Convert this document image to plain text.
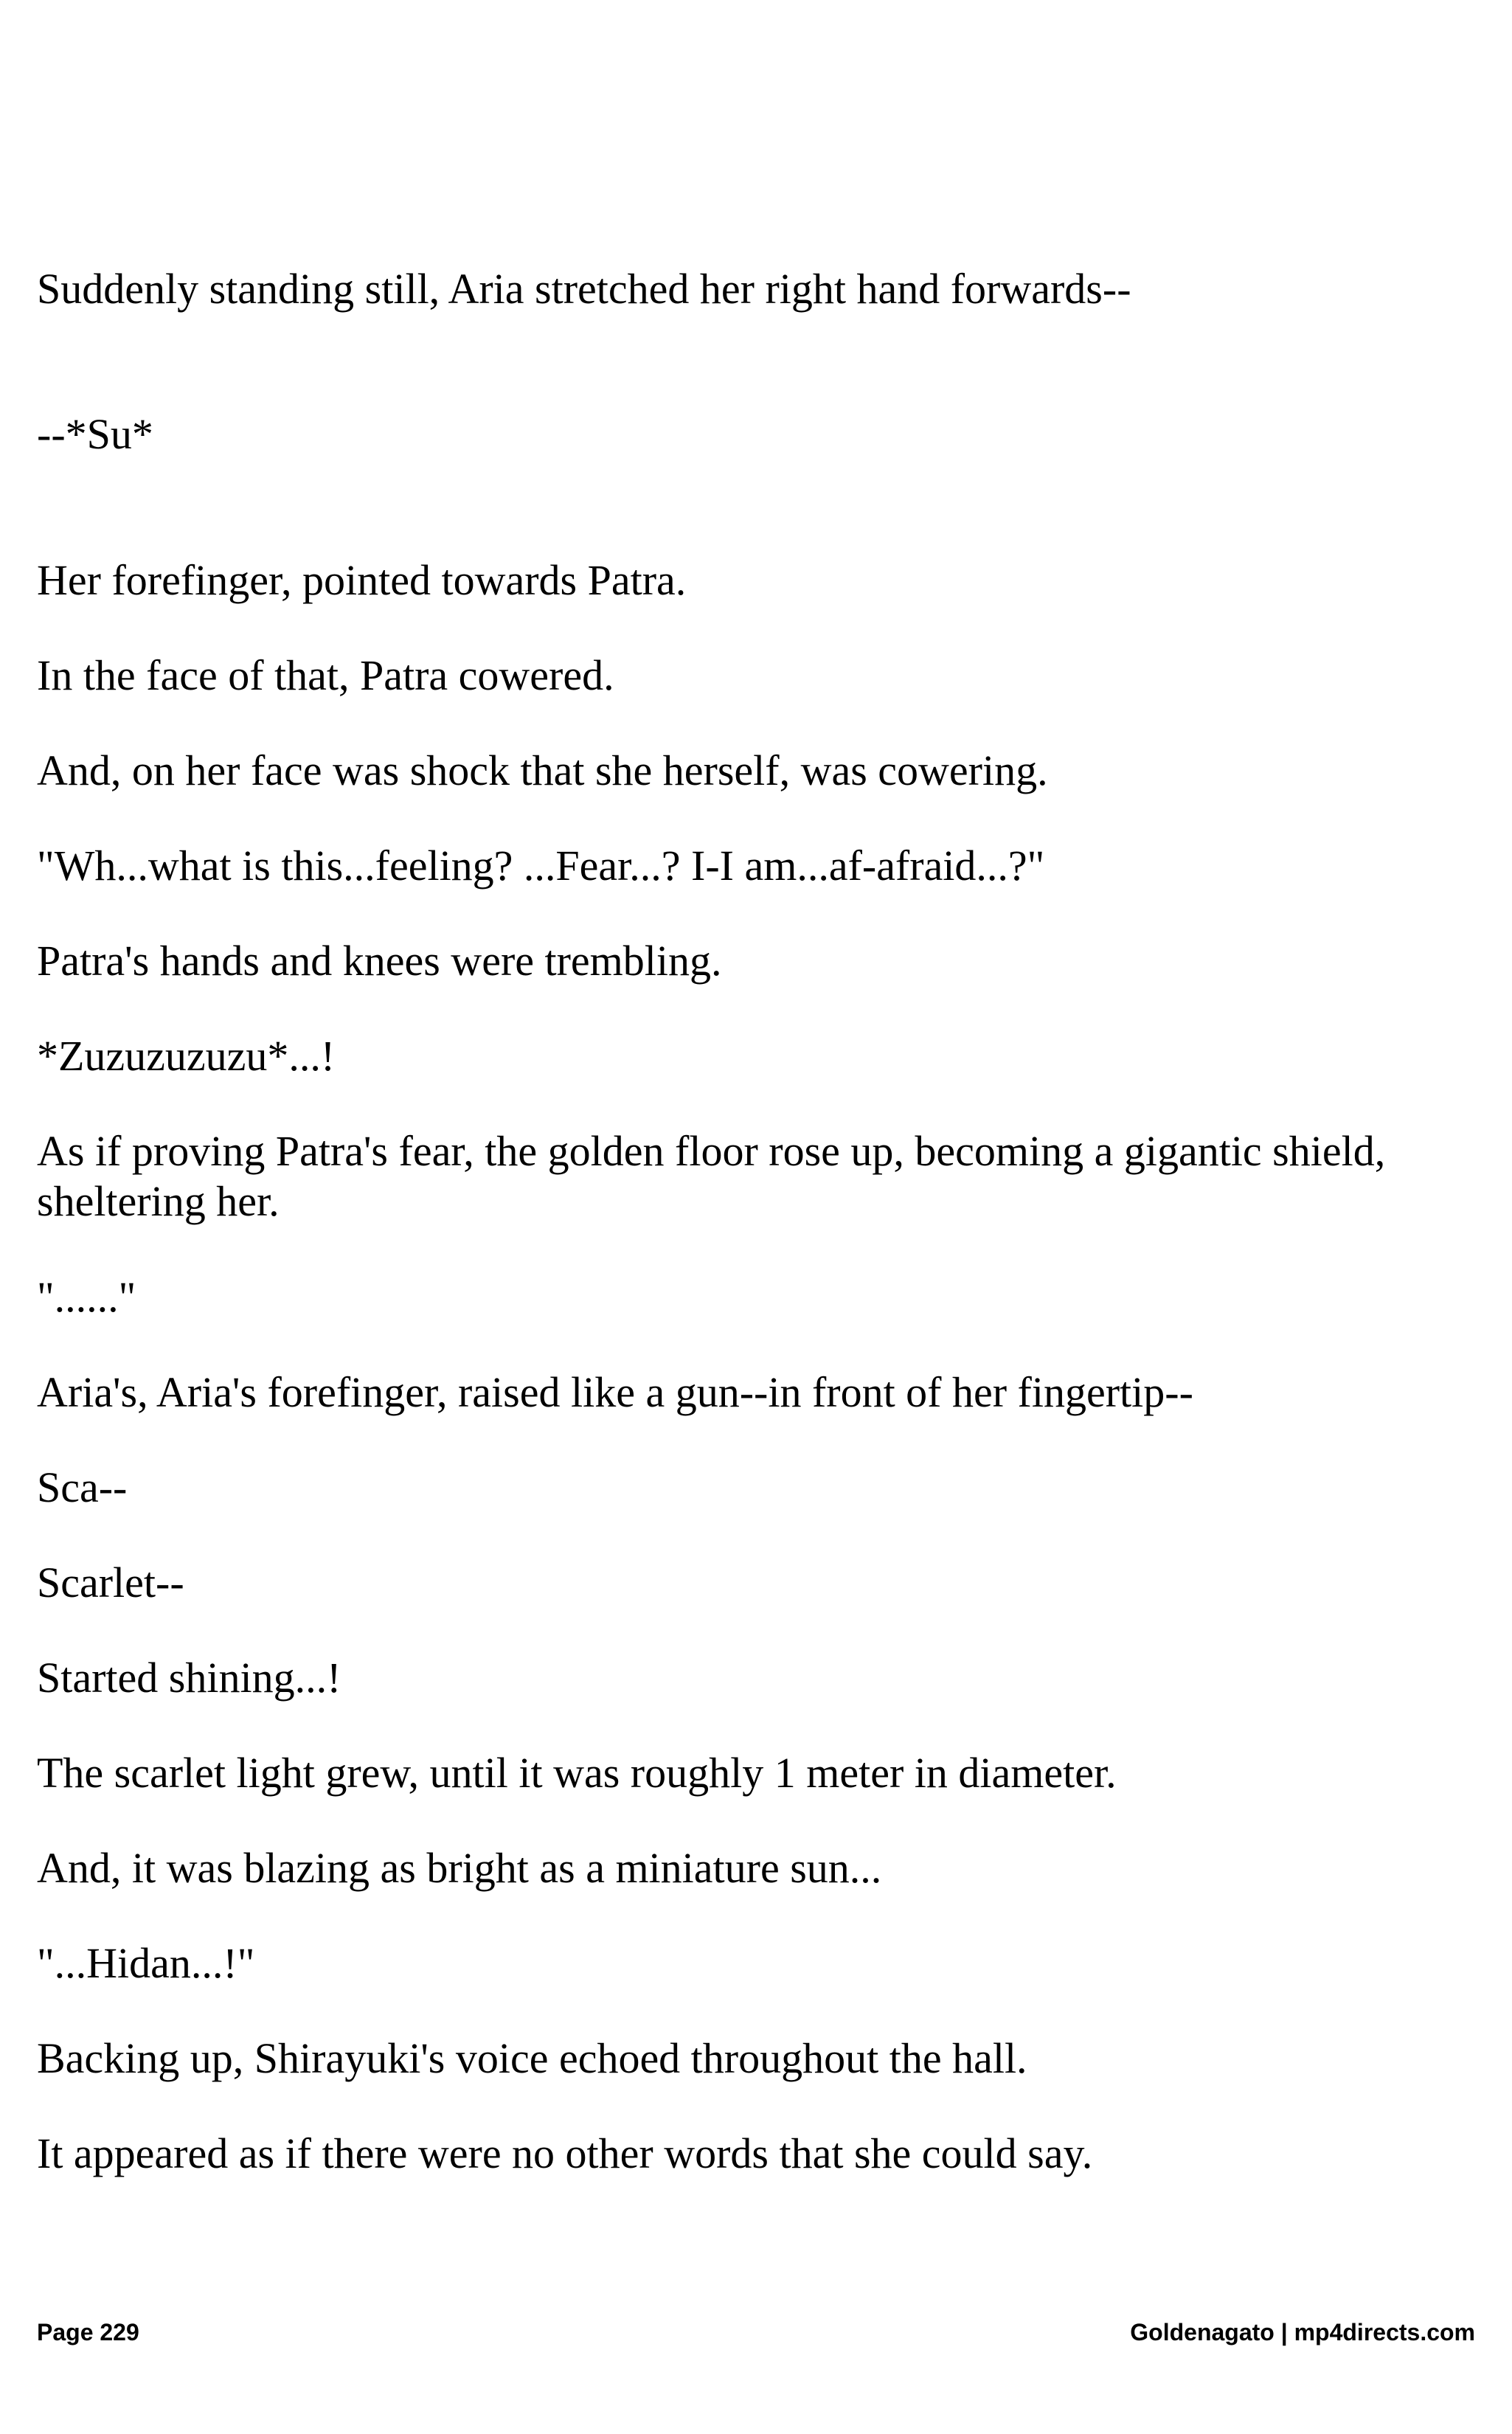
Suddenly standing still, Aria stretched her right hand forwards--

--*Su*

Her forefinger, pointed towards Patra.

In the face of that, Patra cowered.

And, on her face was shock that she herself, was cowering.

"Wh...what is this...feeling? ...Fear...? I-I am...af-afraid...?"

Patra's hands and knees were trembling.

*Zuzuzuzuzu*...!

As if proving Patra's fear, the golden floor rose up, becoming a gigantic shield, sheltering her.

"......"

Aria's, Aria's forefinger, raised like a gun--in front of her fingertip--

Sca--

Scarlet--

Started shining...!

The scarlet light grew, until it was roughly 1 meter in diameter.

And, it was blazing as bright as a miniature sun...

"...Hidan...!"

Backing up, Shirayuki's voice echoed throughout the hall.

It appeared as if there were no other words that she could say.

Page 229	Goldenagato | mp4directs.com
